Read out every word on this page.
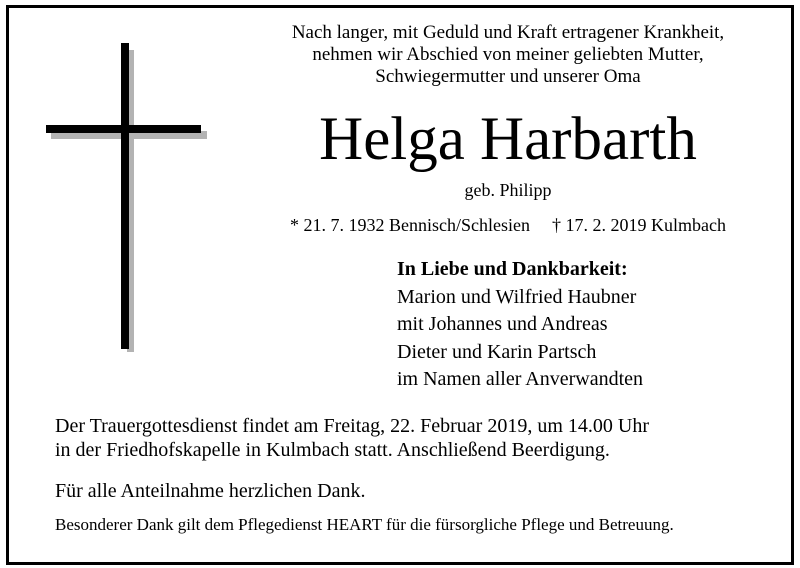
Nach langer, mit Geduld und Kraft ertragener Krankheit,
nehmen wir Abschied von meiner geliebten Mutter,
Schwiegermutter und unserer Oma
Helga Harbarth
geb. Philipp
* 21. 7. 1932 Bennisch/Schlesien † 17. 2. 2019 Kulmbach
In Liebe und Dankbarkeit:
Marion und Wilfried Haubner
mit Johannes und Andreas
Dieter und Karin Partsch
im Namen aller Anverwandten
Der Trauergottesdienst findet am Freitag, 22. Februar 2019, um 14.00 Uhr
in der Friedhofskapelle in Kulmbach statt. Anschließend Beerdigung.
Für alle Anteilnahme herzlichen Dank.
Besonderer Dank gilt dem Pflegedienst HEART für die fürsorgliche Pflege und Betreuung.
